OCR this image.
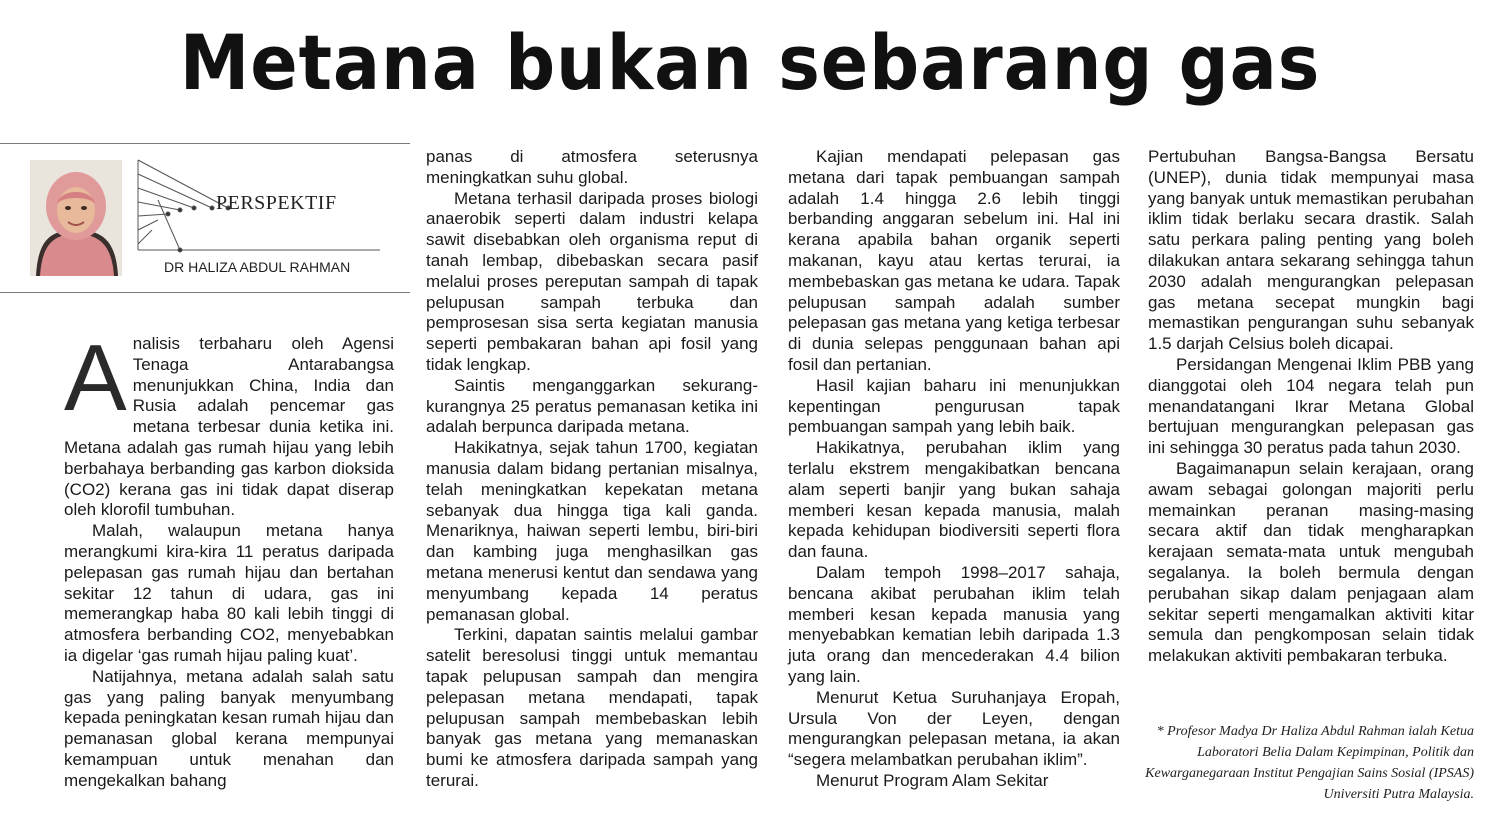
Metana bukan sebarang gas
PERSPEKTIF
DR HALIZA ABDUL RAHMAN

Analisis terbaharu oleh Agensi Tenaga Antarabangsa menunjukkan China, India dan Rusia adalah pencemar gas metana terbesar dunia ketika ini. Metana adalah gas rumah hijau yang lebih berbahaya berbanding gas karbon dioksida (CO2) kerana gas ini tidak dapat diserap oleh klorofil tumbuhan.

Malah, walaupun metana hanya merangkumi kira-kira 11 peratus daripada pelepasan gas rumah hijau dan bertahan sekitar 12 tahun di udara, gas ini memerangkap haba 80 kali lebih tinggi di atmosfera berbanding CO2, menyebabkan ia digelar ‘gas rumah hijau paling kuat’.

Natijahnya, metana adalah salah satu gas yang paling banyak menyumbang kepada peningkatan kesan rumah hijau dan pemanasan global kerana mempunyai kemampuan untuk menahan dan mengekalkan bahang

panas di atmosfera seterusnya meningkatkan suhu global.

Metana terhasil daripada proses biologi anaerobik seperti dalam industri kelapa sawit disebabkan oleh organisma reput di tanah lembap, dibebaskan secara pasif melalui proses pereputan sampah di tapak pelupusan sampah terbuka dan pemprosesan sisa serta kegiatan manusia seperti pembakaran bahan api fosil yang tidak lengkap.

Saintis menganggarkan sekurang-kurangnya 25 peratus pemanasan ketika ini adalah berpunca daripada metana.

Hakikatnya, sejak tahun 1700, kegiatan manusia dalam bidang pertanian misalnya, telah meningkatkan kepekatan metana sebanyak dua hingga tiga kali ganda. Menariknya, haiwan seperti lembu, biri-biri dan kambing juga menghasilkan gas metana menerusi kentut dan sendawa yang menyumbang kepada 14 peratus pemanasan global.

Terkini, dapatan saintis melalui gambar satelit beresolusi tinggi untuk memantau tapak pelupusan sampah dan mengira pelepasan metana mendapati, tapak pelupusan sampah membebaskan lebih banyak gas metana yang memanaskan bumi ke atmosfera daripada sampah yang terurai.

Kajian mendapati pelepasan gas metana dari tapak pembuangan sampah adalah 1.4 hingga 2.6 lebih tinggi berbanding anggaran sebelum ini. Hal ini kerana apabila bahan organik seperti makanan, kayu atau kertas terurai, ia membebaskan gas metana ke udara. Tapak pelupusan sampah adalah sumber pelepasan gas metana yang ketiga terbesar di dunia selepas penggunaan bahan api fosil dan pertanian.

Hasil kajian baharu ini menunjukkan kepentingan pengurusan tapak pembuangan sampah yang lebih baik.

Hakikatnya, perubahan iklim yang terlalu ekstrem mengakibatkan bencana alam seperti banjir yang bukan sahaja memberi kesan kepada manusia, malah kepada kehidupan biodiversiti seperti flora dan fauna.

Dalam tempoh 1998–2017 sahaja, bencana akibat perubahan iklim telah memberi kesan kepada manusia yang menyebabkan kematian lebih daripada 1.3 juta orang dan mencederakan 4.4 bilion yang lain.

Menurut Ketua Suruhanjaya Eropah, Ursula Von der Leyen, dengan mengurangkan pelepasan metana, ia akan “segera melambatkan perubahan iklim”.

Menurut Program Alam Sekitar

Pertubuhan Bangsa-Bangsa Bersatu (UNEP), dunia tidak mempunyai masa yang banyak untuk memastikan perubahan iklim tidak berlaku secara drastik. Salah satu perkara paling penting yang boleh dilakukan antara sekarang sehingga tahun 2030 adalah mengurangkan pelepasan gas metana secepat mungkin bagi memastikan pengurangan suhu sebanyak 1.5 darjah Celsius boleh dicapai.

Persidangan Mengenai Iklim PBB yang dianggotai oleh 104 negara telah pun menandatangani Ikrar Metana Global bertujuan mengurangkan pelepasan gas ini sehingga 30 peratus pada tahun 2030.

Bagaimanapun selain kerajaan, orang awam sebagai golongan majoriti perlu memainkan peranan masing-masing secara aktif dan tidak mengharapkan kerajaan semata-mata untuk mengubah segalanya. Ia boleh bermula dengan perubahan sikap dalam penjagaan alam sekitar seperti mengamalkan aktiviti kitar semula dan pengkomposan selain tidak melakukan aktiviti pembakaran terbuka.

* Profesor Madya Dr Haliza Abdul Rahman ialah Ketua Laboratori Belia Dalam Kepimpinan, Politik dan Kewarganegaraan Institut Pengajian Sains Sosial (IPSAS) Universiti Putra Malaysia.
